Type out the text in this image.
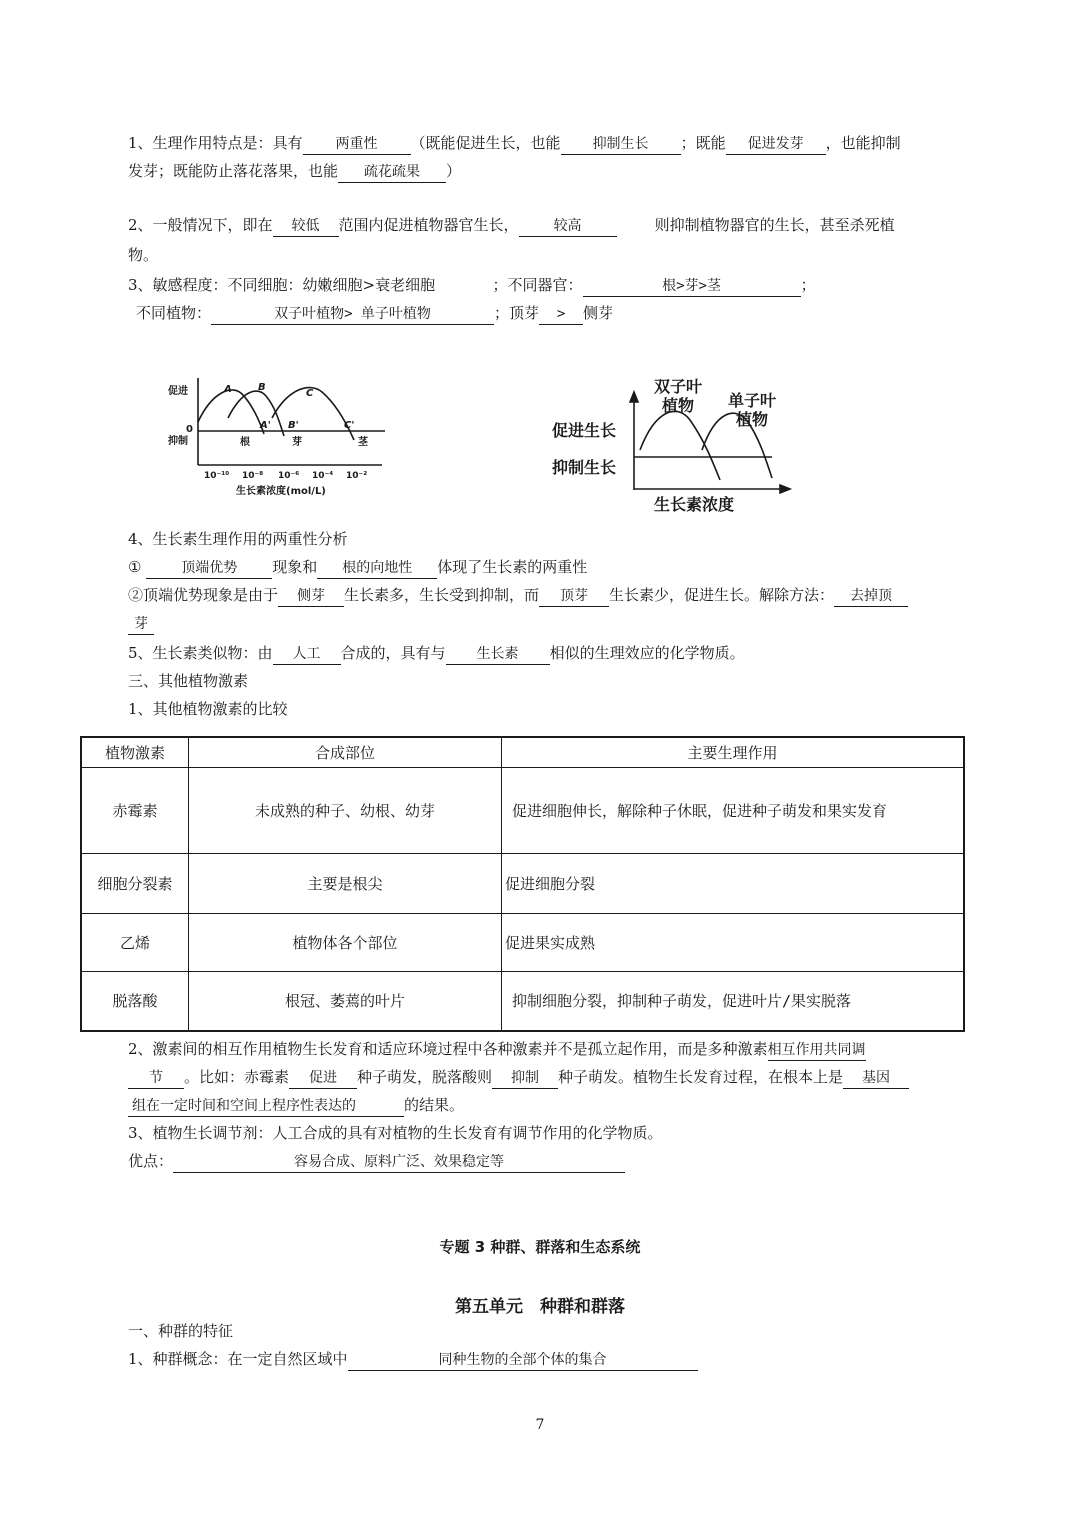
1、生理作用特点是：具有 两重性 （既能促进生长，也能 抑制生长 ；既能 促进发芽 ，也能抑制
发芽；既能防止落花落果，也能 疏花疏果 ）
2、一般情况下，即在 较低 范围内促进植物器官生长，	较高	则抑制植物器官的生长，甚至杀死植
物。
3、敏感程度：不同细胞：幼嫩细胞>衰老细胞	；不同器官：	根>芽>茎	；
不同植物：	双子叶植物> 单子叶植物	；顶芽 > 侧芽
促进
0
抑制
A	B
C
A' B'	C'
根	芽	茎
10⁻¹⁰ 10⁻⁸ 10⁻⁶ 10⁻⁴ 10⁻²
生长素浓度(mol/L)
双子叶
植物 单子叶
植物
促进生长
抑制生长
生长素浓度
4、生长素生理作用的两重性分析
①	顶端优势 现象和 根的向地性 体现了生长素的两重性
②顶端优势现象是由于 侧芽 生长素多，生长受到抑制，而 顶芽 生长素少，促进生长。解除方法： 去掉顶
芽
5、生长素类似物：由 人工 合成的，具有与 生长素 相似的生理效应的化学物质。
三、其他植物激素
1、其他植物激素的比较
植物激素	合成部位	主要生理作用
赤霉素	未成熟的种子、幼根、幼芽	促进细胞伸长，解除种子休眠，促进种子萌发和果实发育
细胞分裂素	主要是根尖	促进细胞分裂
乙烯	植物体各个部位	促进果实成熟
脱落酸	根冠、萎蔫的叶片	抑制细胞分裂，抑制种子萌发，促进叶片/果实脱落
2、激素间的相互作用植物生长发育和适应环境过程中各种激素并不是孤立起作用，而是多种激素相互作用共同调
节 。比如：赤霉素 促进 种子萌发，脱落酸则 抑制 种子萌发。植物生长发育过程，在根本上是 基因
组在一定时间和空间上程序性表达的	的结果。
3、植物生长调节剂：人工合成的具有对植物的生长发育有调节作用的化学物质。
优点：	容易合成、原料广泛、效果稳定等
专题 3 种群、群落和生态系统
第五单元　种群和群落
一、种群的特征
1、种群概念：在一定自然区域中	同种生物的全部个体的集合
7
